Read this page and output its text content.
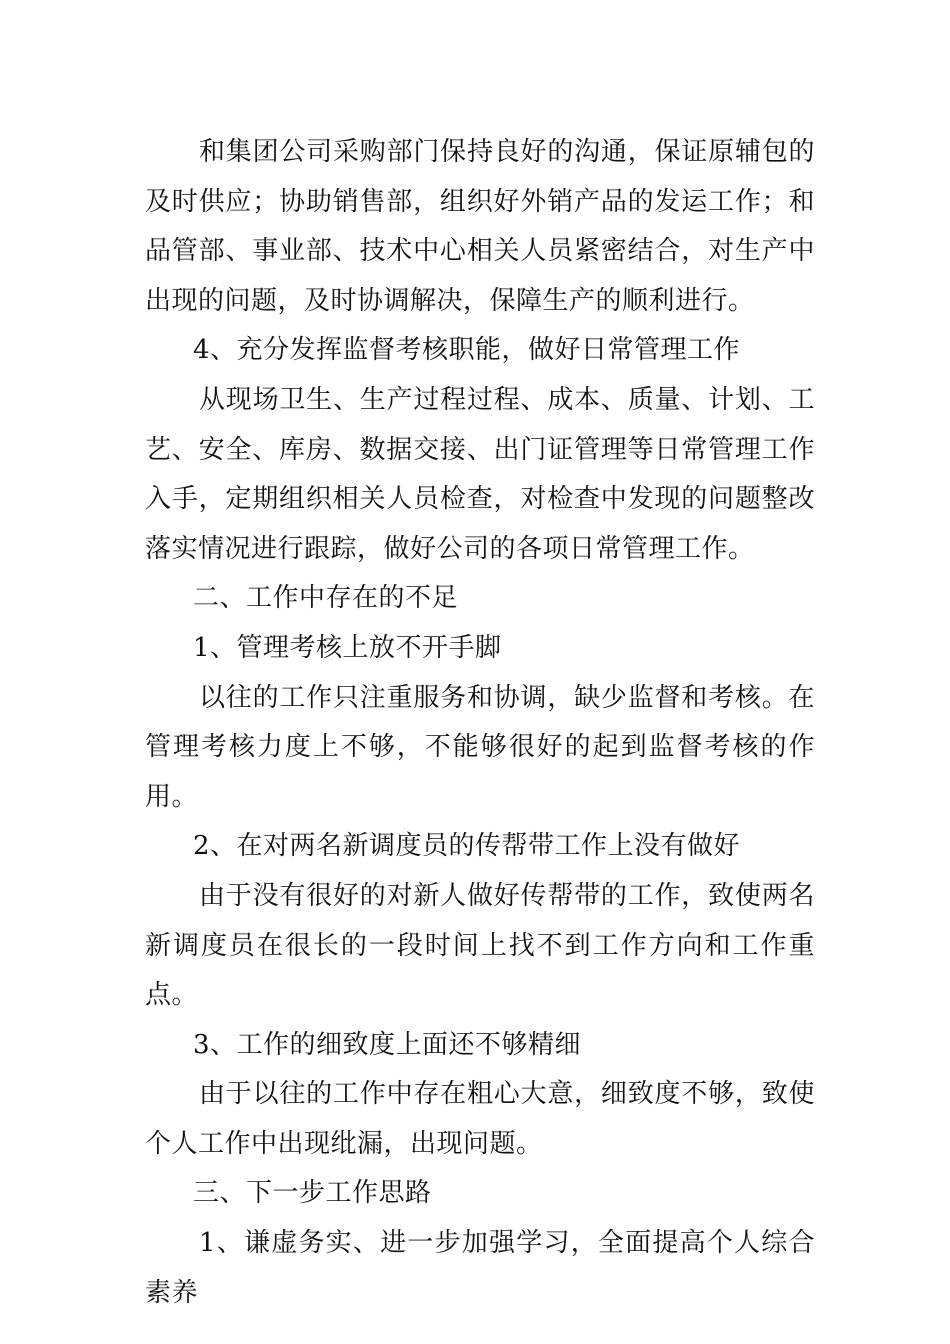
和集团公司采购部门保持良好的沟通，保证原辅包的及时供应；协助销售部，组织好外销产品的发运工作；和品管部、事业部、技术中心相关人员紧密结合，对生产中出现的问题，及时协调解决，保障生产的顺利进行。

4、充分发挥监督考核职能，做好日常管理工作

从现场卫生、生产过程过程、成本、质量、计划、工艺、安全、库房、数据交接、出门证管理等日常管理工作入手，定期组织相关人员检查，对检查中发现的问题整改落实情况进行跟踪，做好公司的各项日常管理工作。

二、工作中存在的不足

1、管理考核上放不开手脚

以往的工作只注重服务和协调，缺少监督和考核。在管理考核力度上不够，不能够很好的起到监督考核的作用。

2、在对两名新调度员的传帮带工作上没有做好

由于没有很好的对新人做好传帮带的工作，致使两名新调度员在很长的一段时间上找不到工作方向和工作重点。

3、工作的细致度上面还不够精细

由于以往的工作中存在粗心大意，细致度不够，致使个人工作中出现纰漏，出现问题。

三、下一步工作思路

1、谦虚务实、进一步加强学习，全面提高个人综合素养
